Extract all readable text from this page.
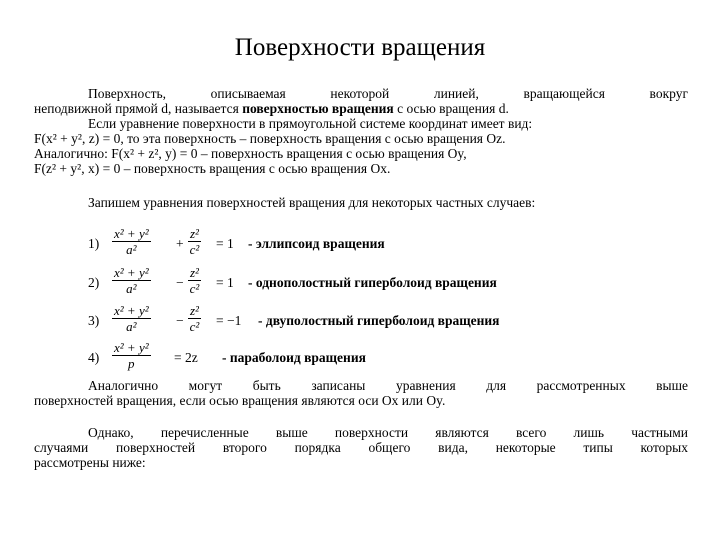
Поверхности вращения
Поверхность, описываемая некоторой линией, вращающейся вокруг
неподвижной прямой d, называется поверхностью вращения с осью вращения d.
Если уравнение поверхности в прямоугольной системе координат имеет вид:
F(x² + y², z) = 0, то эта поверхность – поверхность вращения с осью вращения Oz.
Аналогично: F(x² + z², y) = 0 – поверхность вращения с осью вращения Oy,
F(z² + y², x) = 0 – поверхность вращения с осью вращения Ox.
Запишем уравнения поверхностей вращения для некоторых частных случаев:
$1) \frac{\text{x² + y²}}{\text{a²}} + \frac{\text{z²}}{\text{c²}} = 1$ - эллипсоид вращения
$2) \frac{\text{x² + y²}}{\text{a²}} - \frac{\text{z²}}{\text{c²}} = 1$ - однополостный гиперболоид вращения
$3) \frac{\text{x² + y²}}{\text{a²}} - \frac{\text{z²}}{\text{c²}} = -1$ - двуполостный гиперболоид вращения
$4) \frac{\text{x² + y²}}{p} = 2z$ - параболоид вращения
Аналогично могут быть записаны уравнения для рассмотренных выше
поверхностей вращения, если осью вращения являются оси Ox или Oy.
Однако, перечисленные выше поверхности являются всего лишь частными
случаями поверхностей второго порядка общего вида, некоторые типы которых
рассмотрены ниже:
